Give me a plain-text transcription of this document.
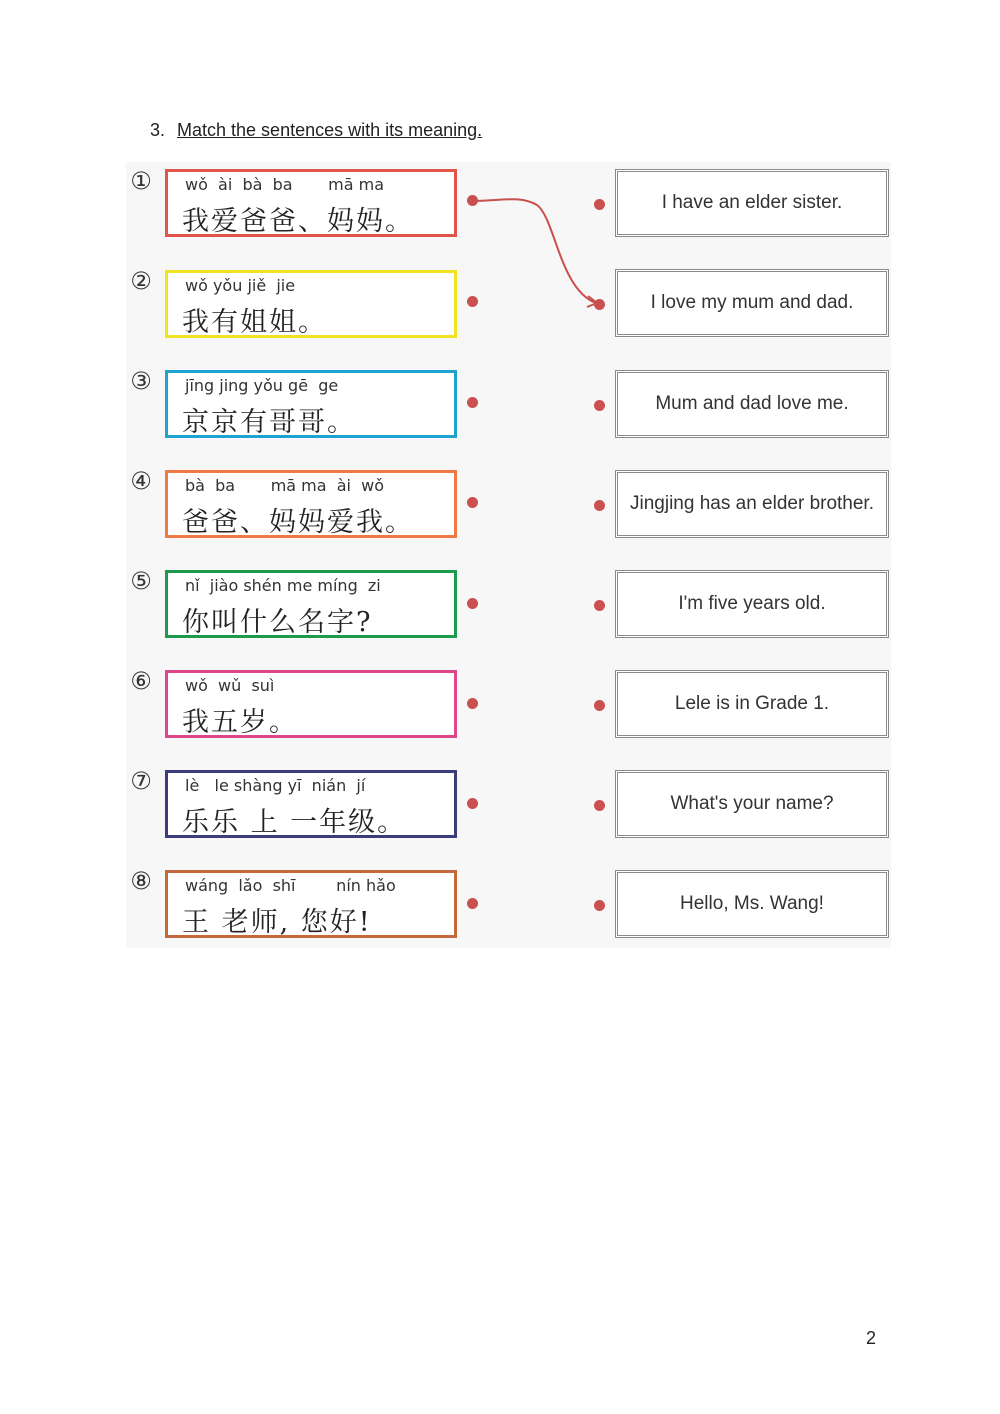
3. Match the sentences with its meaning.
① wǒ  ài  bà  ba       mā ma
我爱爸爸、妈妈。
I have an elder sister.
② wǒ yǒu jiě  jie
我有姐姐。
I love my mum and dad.
③ jīng jing yǒu gē  ge
京京有哥哥。
Mum and dad love me.
④ bà  ba       mā ma  ài  wǒ
爸爸、妈妈爱我。
Jingjing has an elder brother.
⑤ nǐ  jiào shén me míng  zi
你叫什么名字?
I'm five years old.
⑥ wǒ  wǔ  suì
我五岁。
Lele is in Grade 1.
⑦ lè   le shàng yī  nián  jí
乐乐 上 一年级。
What's your name?
⑧ wáng  lǎo  shī        nín hǎo
王 老师, 您好!
Hello, Ms. Wang!
2
